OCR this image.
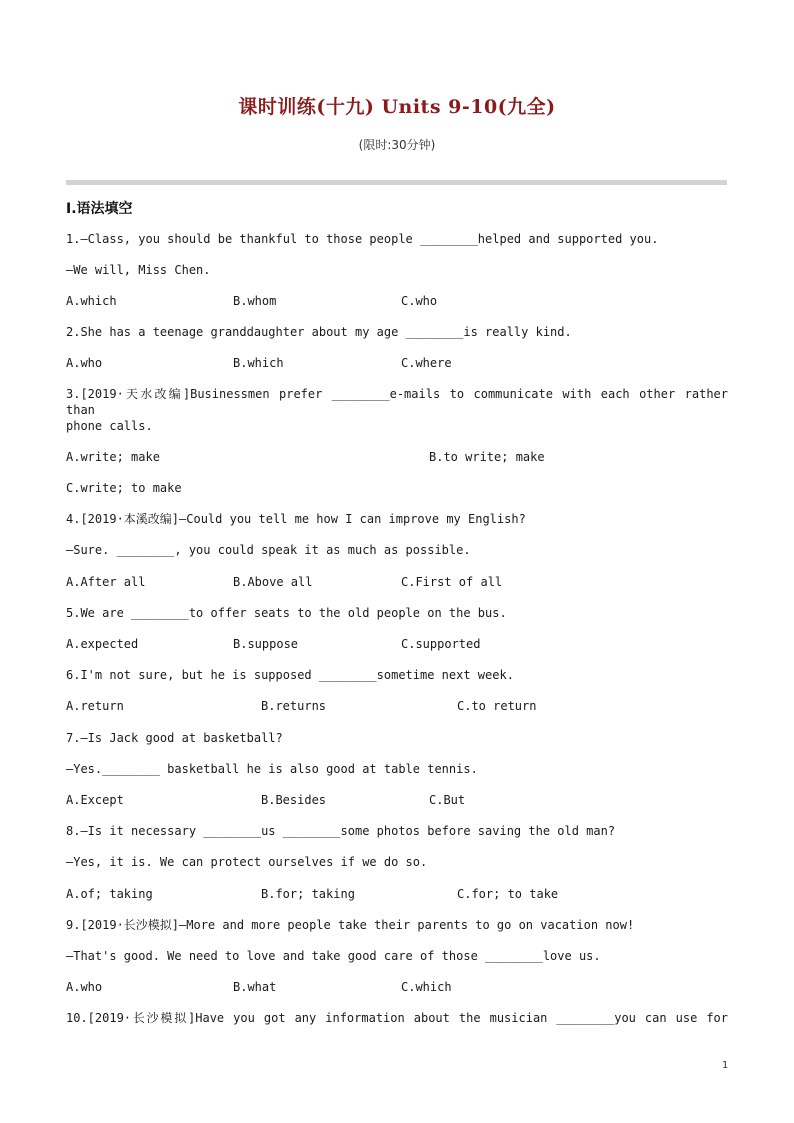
课时训练(十九) Units 9-10(九全)
(限时:30分钟)
Ⅰ.语法填空
1.—Class, you should be thankful to those people ________helped and supported you.
—We will, Miss Chen.
A.which	B.whom	C.who
2.She has a teenage granddaughter about my age ________is really kind.
A.who	B.which	C.where
3.[2019·天水改编]Businessmen prefer ________e-mails to communicate with each other rather than
phone calls.
A.write; make	B.to write; make
C.write; to make
4.[2019·本溪改编]—Could you tell me how I can improve my English?
—Sure. ________, you could speak it as much as possible.
A.After all	B.Above all	C.First of all
5.We are ________to offer seats to the old people on the bus.
A.expected	B.suppose	C.supported
6.I'm not sure, but he is supposed ________sometime next week.
A.return	B.returns	C.to return
7.—Is Jack good at basketball?
—Yes.________ basketball he is also good at table tennis.
A.Except	B.Besides	C.But
8.—Is it necessary ________us ________some photos before saving the old man?
—Yes, it is. We can protect ourselves if we do so.
A.of; taking	B.for; taking	C.for; to take
9.[2019·长沙模拟]—More and more people take their parents to go on vacation now!
—That's good. We need to love and take good care of those ________love us.
A.who	B.what	C.which
10.[2019·长沙模拟]Have you got any information about the musician ________you can use for
1
